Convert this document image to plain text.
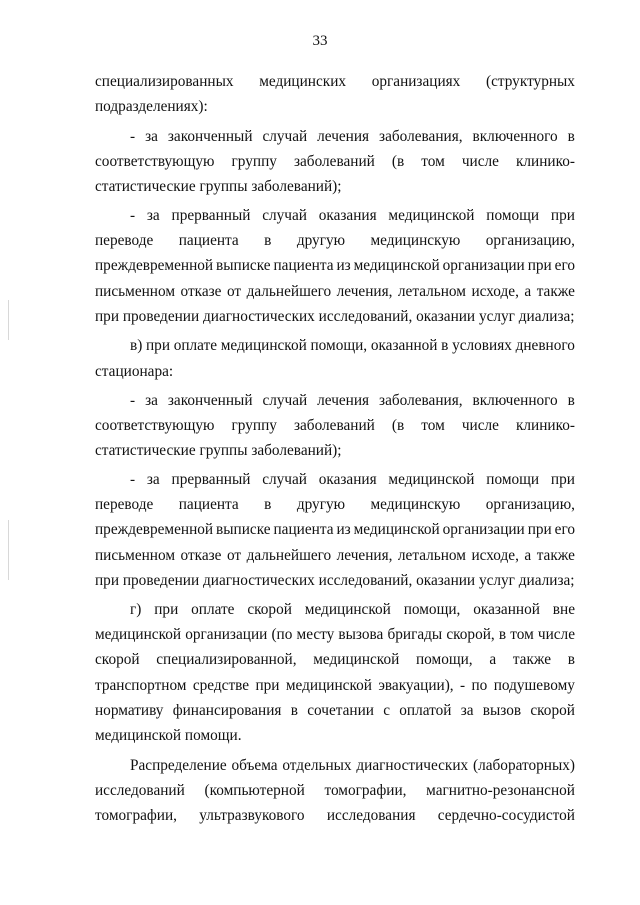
33
специализированных медицинских организациях (структурных
подразделениях):
- за законченный случай лечения заболевания, включенного в
соответствующую группу заболеваний (в том числе клинико-
статистические группы заболеваний);
- за прерванный случай оказания медицинской помощи при
переводе пациента в другую медицинскую организацию,
преждевременной выписке пациента из медицинской организации при его
письменном отказе от дальнейшего лечения, летальном исходе, а также
при проведении диагностических исследований, оказании услуг диализа;
в) при оплате медицинской помощи, оказанной в условиях дневного
стационара:
- за законченный случай лечения заболевания, включенного в
соответствующую группу заболеваний (в том числе клинико-
статистические группы заболеваний);
- за прерванный случай оказания медицинской помощи при
переводе пациента в другую медицинскую организацию,
преждевременной выписке пациента из медицинской организации при его
письменном отказе от дальнейшего лечения, летальном исходе, а также
при проведении диагностических исследований, оказании услуг диализа;
г) при оплате скорой медицинской помощи, оказанной вне
медицинской организации (по месту вызова бригады скорой, в том числе
скорой специализированной, медицинской помощи, а также в
транспортном средстве при медицинской эвакуации), - по подушевому
нормативу финансирования в сочетании с оплатой за вызов скорой
медицинской помощи.
Распределение объема отдельных диагностических (лабораторных)
исследований (компьютерной томографии, магнитно-резонансной
томографии, ультразвукового исследования сердечно-сосудистой
